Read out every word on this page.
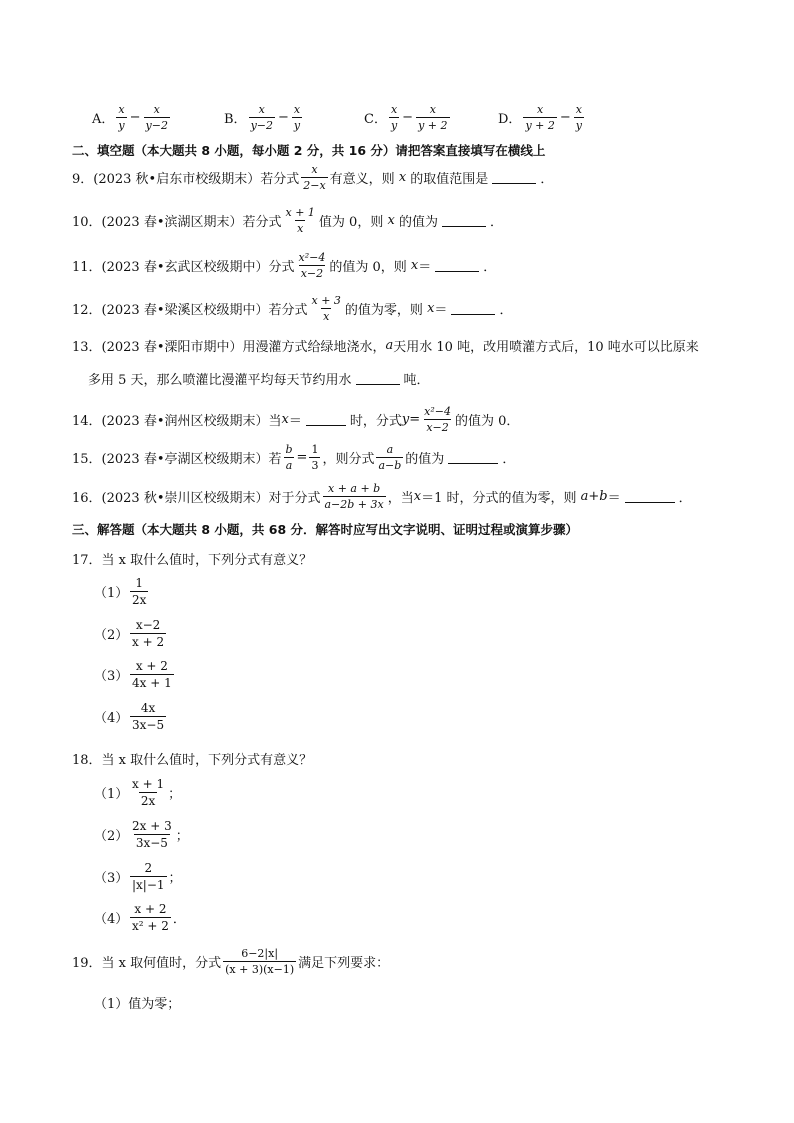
A． $\frac{x}{y} - \frac{x}{y-2}$	B． $\frac{x}{y-2} - \frac{x}{y}$	C． $\frac{x}{y} - \frac{x}{y + 2}$	D． $\frac{x}{y + 2} - \frac{x}{y}$
二、填空题（本大题共 8 小题，每小题 2 分，共 16 分）请把答案直接填写在横线上
9．(2023 秋•启东市校级期末）若分式 $\frac{x}{2-x}$ 有意义，则
x
的取值范围是	．
10．(2023 春•滨湖区期末）若分式 $\frac{x + 1}{x}$ 值为 0，则
x
的值为	．
11．(2023 春•玄武区校级期中）分式 $\frac{\text{x²−4}}{x-2}$ 的值为 0，则
x ＝	．
12．(2023 春•梁溪区校级期中）若分式 $\frac{x + 3}{x}$ 的值为零，则
x ＝	．
13．(2023 春•溧阳市期中）用漫灌方式给绿地浇水， a 天用水 10 吨，改用喷灌方式后，10 吨水可以比原来
多用 5 天，那么喷灌比漫灌平均每天节约用水	吨．
14．(2023 春•润州区校级期末）当 x ＝	时，分式 $y = \frac{\text{x²−4}}{x-2}$ 的值为 0．
15．(2023 春•亭湖区校级期末）若 $\frac{b}{a} = \frac{1}{3}$ ，则分式 $\frac{a}{a-b}$ 的值为	．
16．(2023 秋•崇川区校级期末）对于分式 $\frac{x + a + b}{a-2b + 3x}$ ，当 x ＝1 时，分式的值为零，则
a+b ＝	．
三、解答题（本大题共 8 小题，共 68 分．解答时应写出文字说明、证明过程或演算步骤）
17．当 x 取什么值时，下列分式有意义？
$(1) \frac{1}{2x}$
$(2) \frac{x-2}{x + 2}$
$(3) \frac{x + 2}{4x + 1}$
$(4) \frac{4x}{3x-5}$
18．当 x 取什么值时，下列分式有意义？
$(1) \frac{x + 1}{2x}$ ；
$(2) \frac{2x + 3}{3x-5}$ ；
$(3) \frac{2}{|x|-1}$ ；
$(4) \frac{x + 2}{\text{x² + 2}}$ ．
19．当 x 取何值时，分式 $\frac{6-2|x|}{(x + 3)(x-1)}$ 满足下列要求：
（1）值为零；
